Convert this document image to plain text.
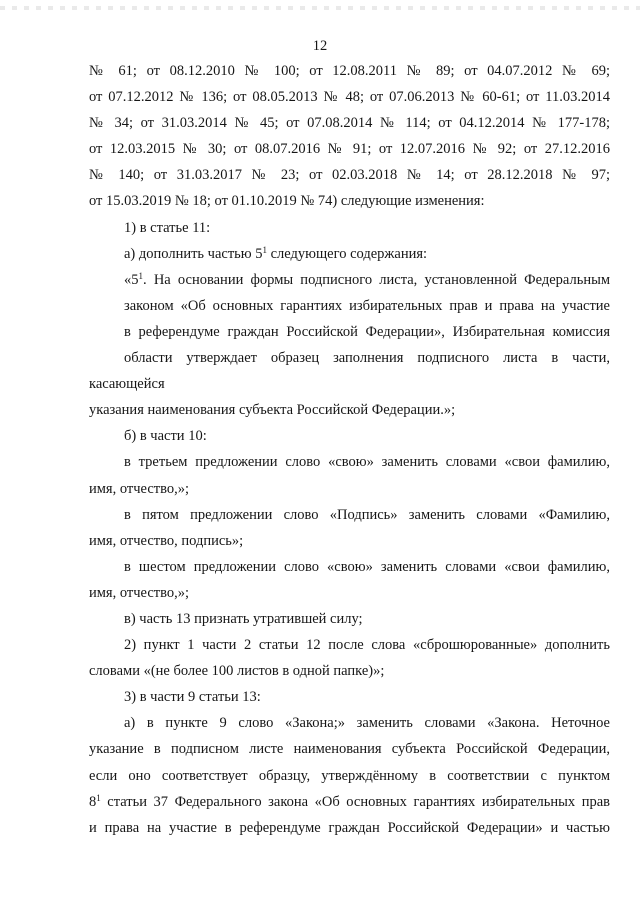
12

№ 61; от 08.12.2010 № 100; от 12.08.2011 № 89; от 04.07.2012 № 69;
от 07.12.2012 № 136; от 08.05.2013 № 48; от 07.06.2013 № 60-61; от 11.03.2014
№ 34; от 31.03.2014 № 45; от 07.08.2014 № 114; от 04.12.2014 № 177-178;
от 12.03.2015 № 30; от 08.07.2016 № 91; от 12.07.2016 № 92; от 27.12.2016
№ 140; от 31.03.2017 № 23; от 02.03.2018 № 14; от 28.12.2018 № 97;
от 15.03.2019 № 18; от 01.10.2019 № 74) следующие изменения:

1) в статье 11:

а) дополнить частью $5^1$ следующего содержания:

«$5^1$. На основании формы подписного листа, установленной Федеральным
законом «Об основных гарантиях избирательных прав и права на участие
в референдуме граждан Российской Федерации», Избирательная комиссия
области утверждает образец заполнения подписного листа в части, касающейся
указания наименования субъекта Российской Федерации.»;

б) в части 10:

в третьем предложении слово «свою» заменить словами «свои фамилию,

имя, отчество,»;

в пятом предложении слово «Подпись» заменить словами «Фамилию,

имя, отчество, подпись»;

в шестом предложении слово «свою» заменить словами «свои фамилию,

имя, отчество,»;

в) часть 13 признать утратившей силу;

2) пункт 1 части 2 статьи 12 после слова «сброшюрованные» дополнить

словами «(не более 100 листов в одной папке)»;

3) в части 9 статьи 13:

а) в пункте 9 слово «Закона;» заменить словами «Закона. Неточное

указание в подписном листе наименования субъекта Российской Федерации,
если оно соответствует образцу, утверждённому в соответствии с пунктом
$8^1$ статьи 37 Федерального закона «Об основных гарантиях избирательных прав
и права на участие в референдуме граждан Российской Федерации» и частью
